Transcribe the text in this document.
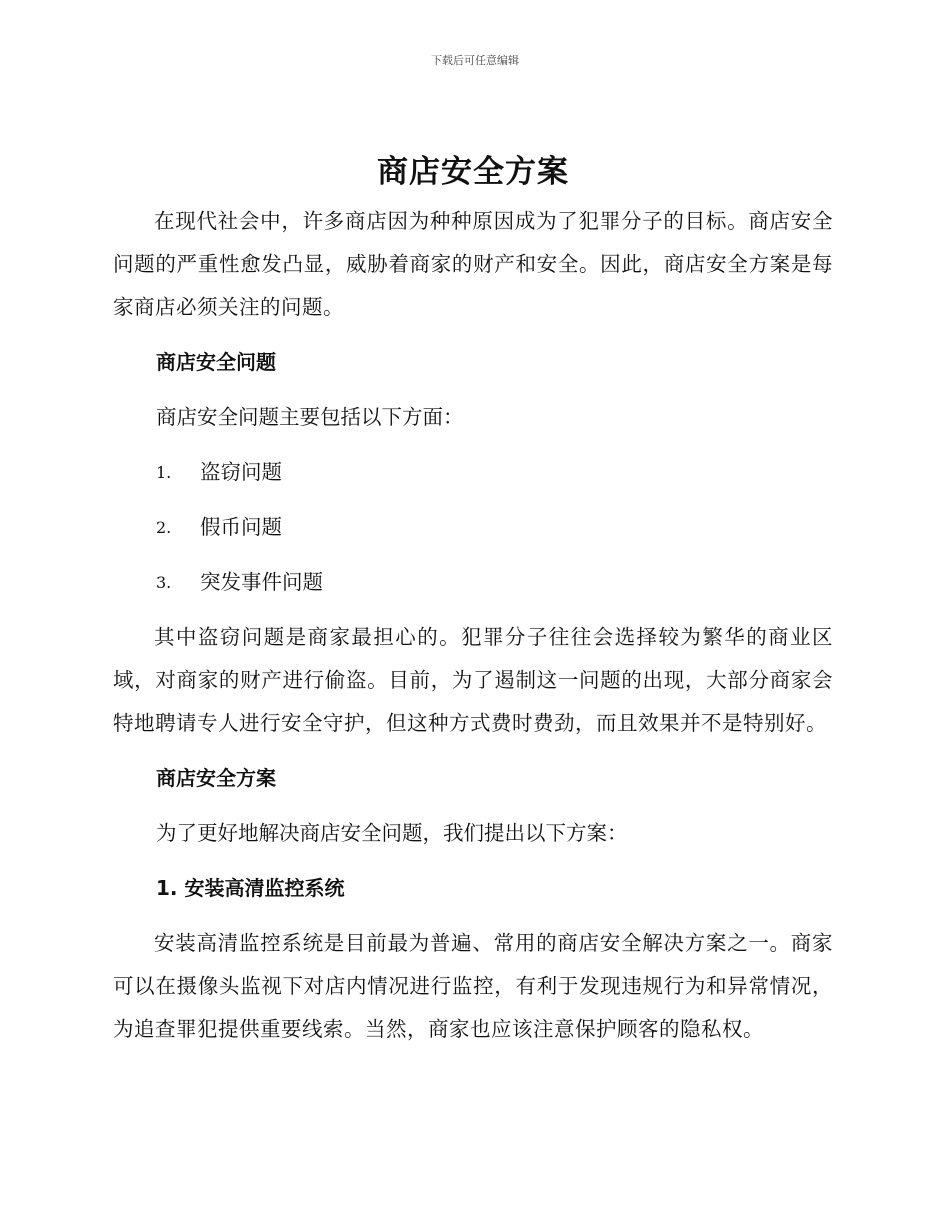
下载后可任意编辑
商店安全方案

在现代社会中，许多商店因为种种原因成为了犯罪分子的目标。商店安全问题的严重性愈发凸显，威胁着商家的财产和安全。因此，商店安全方案是每家商店必须关注的问题。

商店安全问题

商店安全问题主要包括以下方面：

1.	盗窃问题
2.	假币问题
3.	突发事件问题

其中盗窃问题是商家最担心的。犯罪分子往往会选择较为繁华的商业区域，对商家的财产进行偷盗。目前，为了遏制这一问题的出现，大部分商家会特地聘请专人进行安全守护，但这种方式费时费劲，而且效果并不是特别好。

商店安全方案

为了更好地解决商店安全问题，我们提出以下方案：

1. 安装高清监控系统

安装高清监控系统是目前最为普遍、常用的商店安全解决方案之一。商家可以在摄像头监视下对店内情况进行监控，有利于发现违规行为和异常情况，为追查罪犯提供重要线索。当然，商家也应该注意保护顾客的隐私权。
